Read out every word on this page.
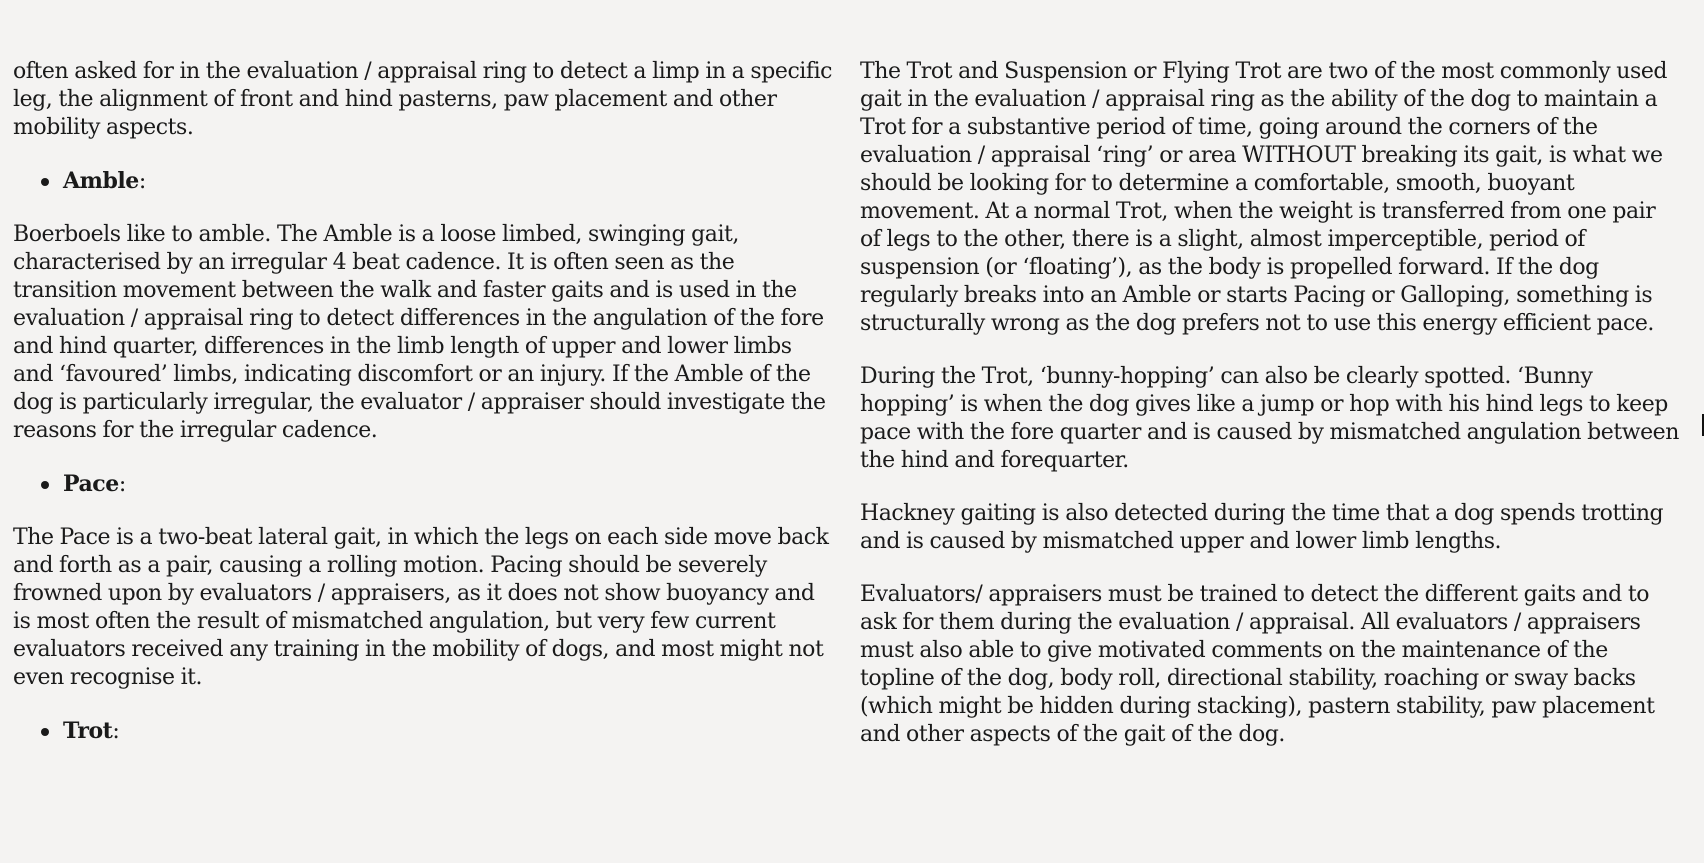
often asked for in the evaluation / appraisal ring to detect a limp in a specific leg, the alignment of front and hind pasterns, paw placement and other mobility aspects.

Amble:

Boerboels like to amble. The Amble is a loose limbed, swinging gait, characterised by an irregular 4 beat cadence. It is often seen as the transition movement between the walk and faster gaits and is used in the evaluation / appraisal ring to detect differences in the angulation of the fore and hind quarter, differences in the limb length of upper and lower limbs and ‘favoured’ limbs, indicating discomfort or an injury. If the Amble of the dog is particularly irregular, the evaluator / appraiser should investigate the reasons for the irregular cadence.

Pace:

The Pace is a two-beat lateral gait, in which the legs on each side move back and forth as a pair, causing a rolling motion. Pacing should be severely frowned upon by evaluators / appraisers, as it does not show buoyancy and is most often the result of mismatched angulation, but very few current evaluators received any training in the mobility of dogs, and most might not even recognise it.

Trot:

The Trot and Suspension or Flying Trot are two of the most commonly used gait in the evaluation / appraisal ring as the ability of the dog to maintain a Trot for a substantive period of time, going around the corners of the evaluation / appraisal ‘ring’ or area WITHOUT breaking its gait, is what we should be looking for to determine a comfortable, smooth, buoyant movement. At a normal Trot, when the weight is transferred from one pair of legs to the other, there is a slight, almost imperceptible, period of suspension (or ‘floating’), as the body is propelled forward. If the dog regularly breaks into an Amble or starts Pacing or Galloping, something is structurally wrong as the dog prefers not to use this energy efficient pace.

During the Trot, ‘bunny-hopping’ can also be clearly spotted. ‘Bunny hopping’ is when the dog gives like a jump or hop with his hind legs to keep pace with the fore quarter and is caused by mismatched angulation between the hind and forequarter.

Hackney gaiting is also detected during the time that a dog spends trotting and is caused by mismatched upper and lower limb lengths.

Evaluators/ appraisers must be trained to detect the different gaits and to ask for them during the evaluation / appraisal. All evaluators / appraisers must also able to give motivated comments on the maintenance of the topline of the dog, body roll, directional stability, roaching or sway backs (which might be hidden during stacking), pastern stability, paw placement and other aspects of the gait of the dog.
